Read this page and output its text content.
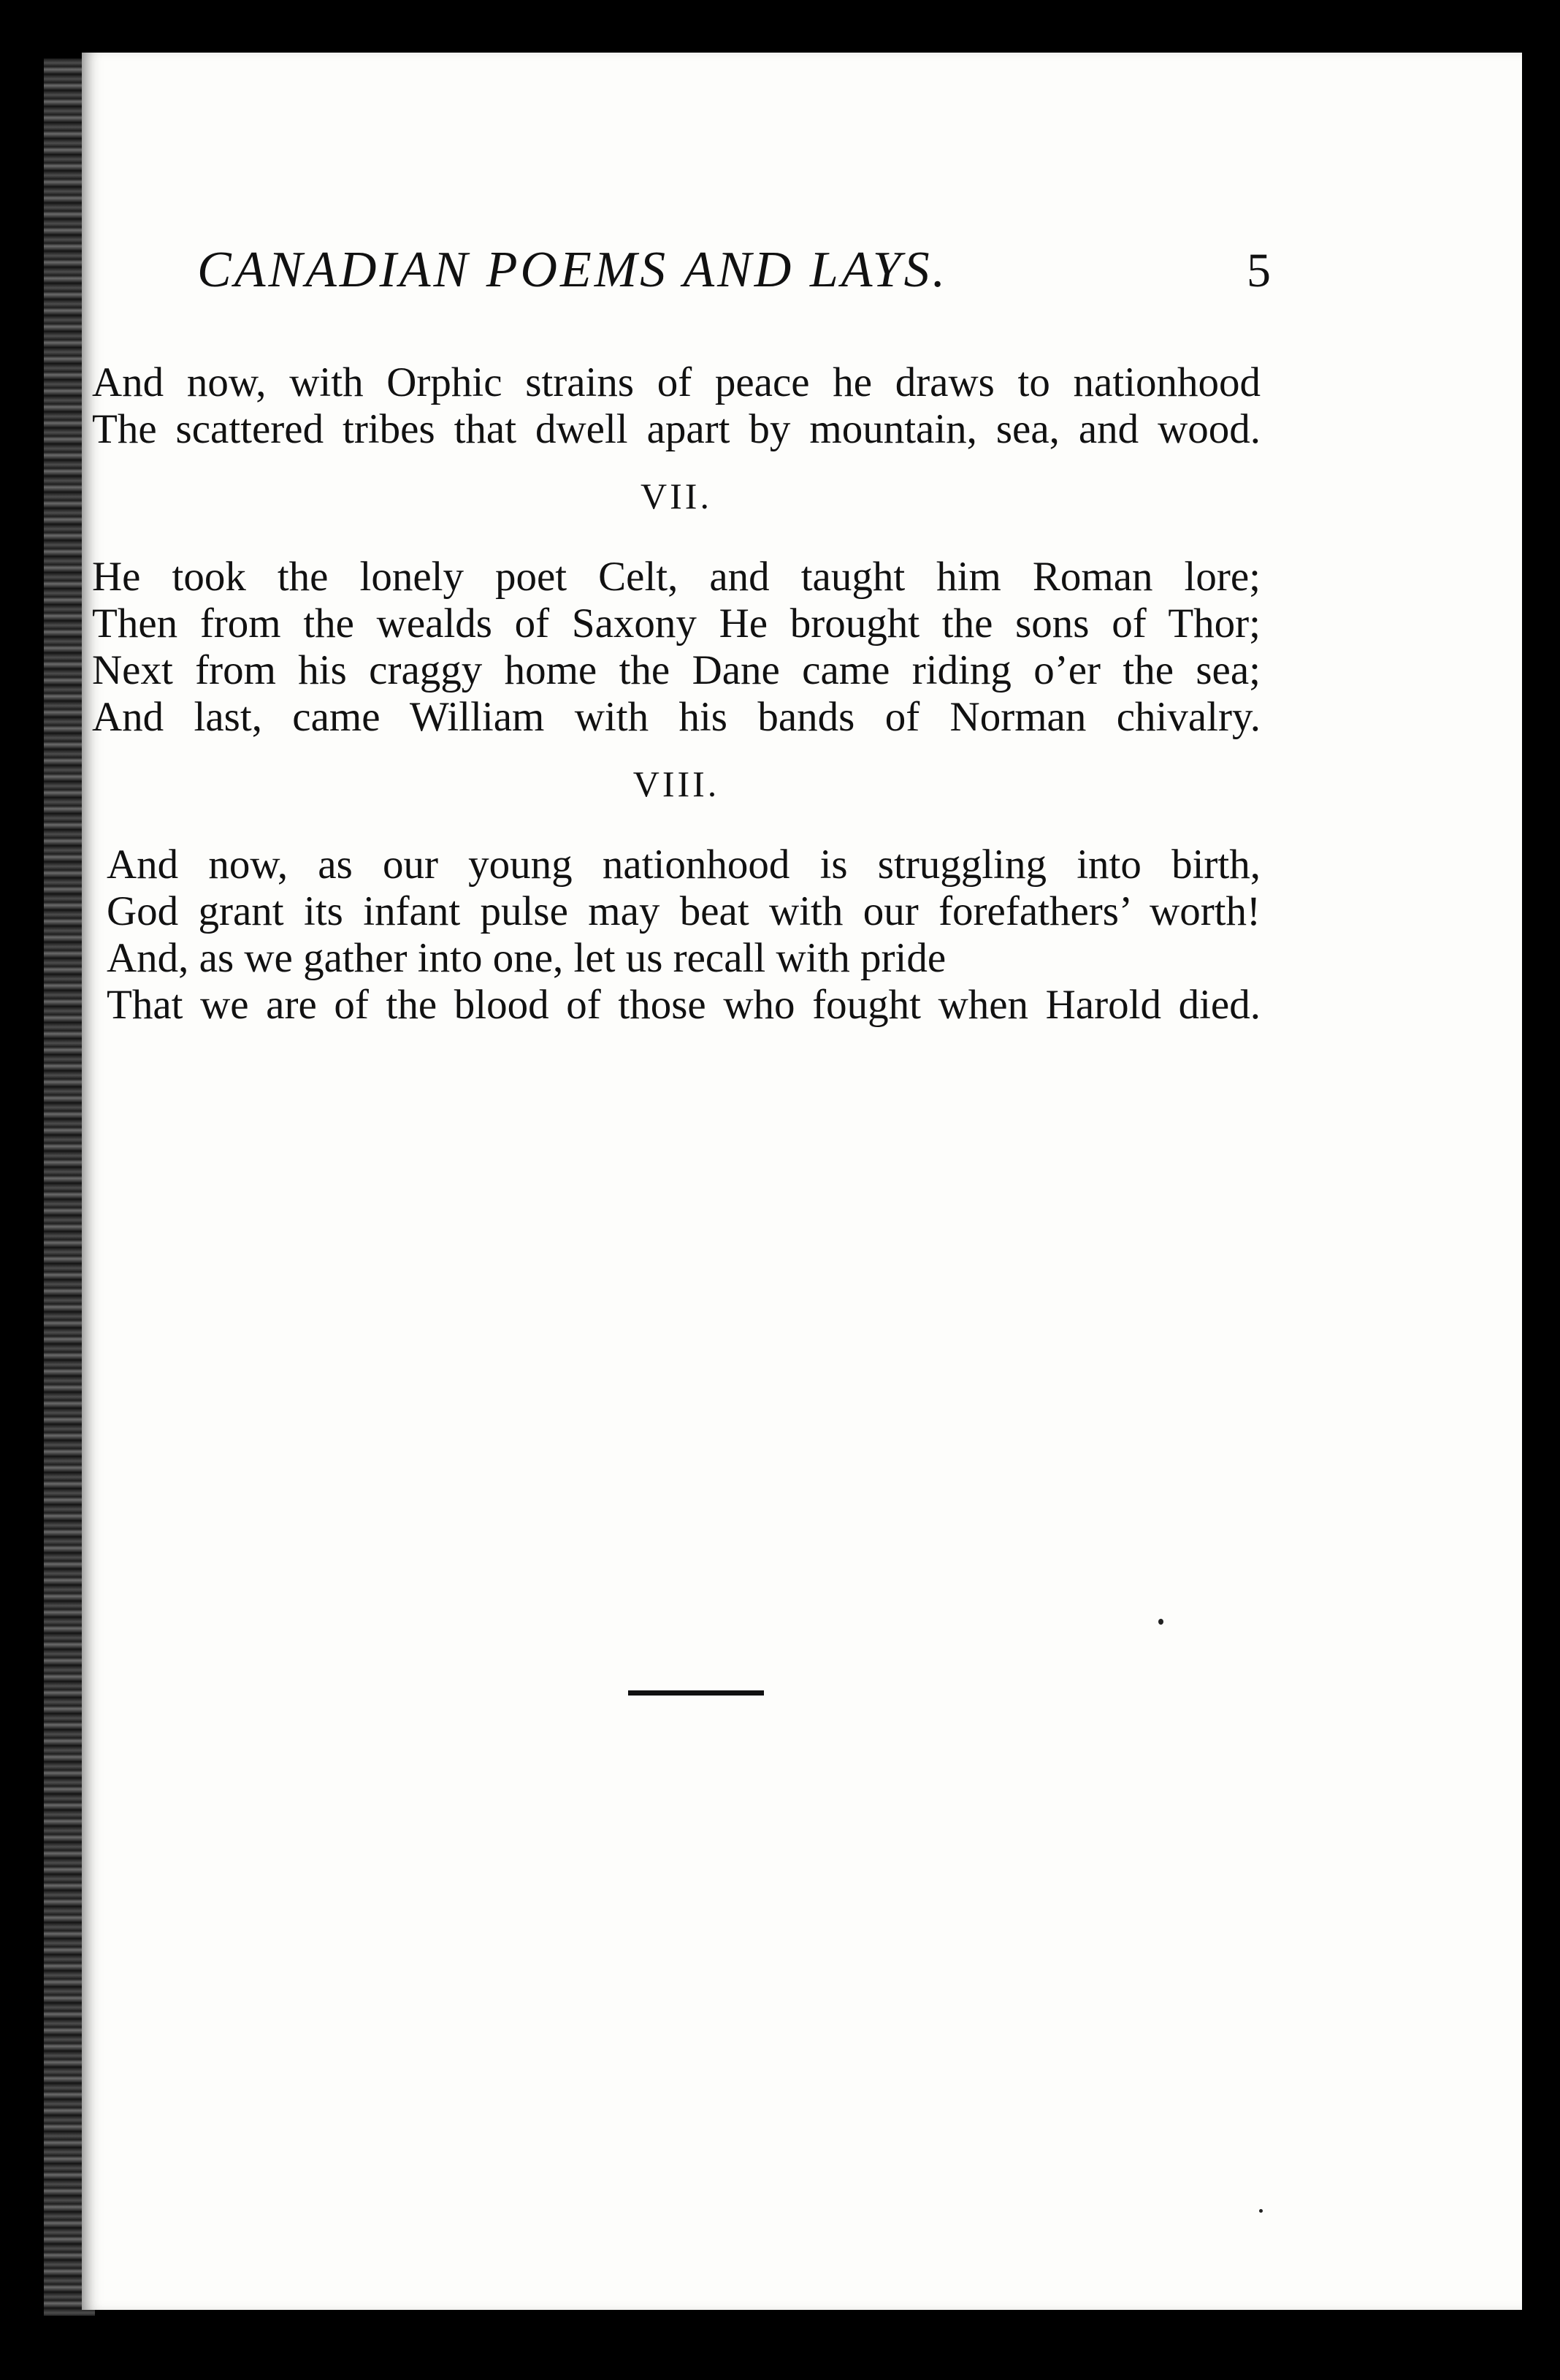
CANADIAN POEMS AND LAYS.	5
And now, with Orphic strains of peace he draws to nationhood
The scattered tribes that dwell apart by mountain, sea, and wood.
VII.
He took the lonely poet Celt, and taught him Roman lore;
Then from the wealds of Saxony He brought the sons of Thor;
Next from his craggy home the Dane came riding o’er the sea;
And last, came William with his bands of Norman chivalry.
VIII.
And now, as our young nationhood is struggling into birth,
God grant its infant pulse may beat with our forefathers’ worth!
And, as we gather into one, let us recall with pride
That we are of the blood of those who fought when Harold died.
